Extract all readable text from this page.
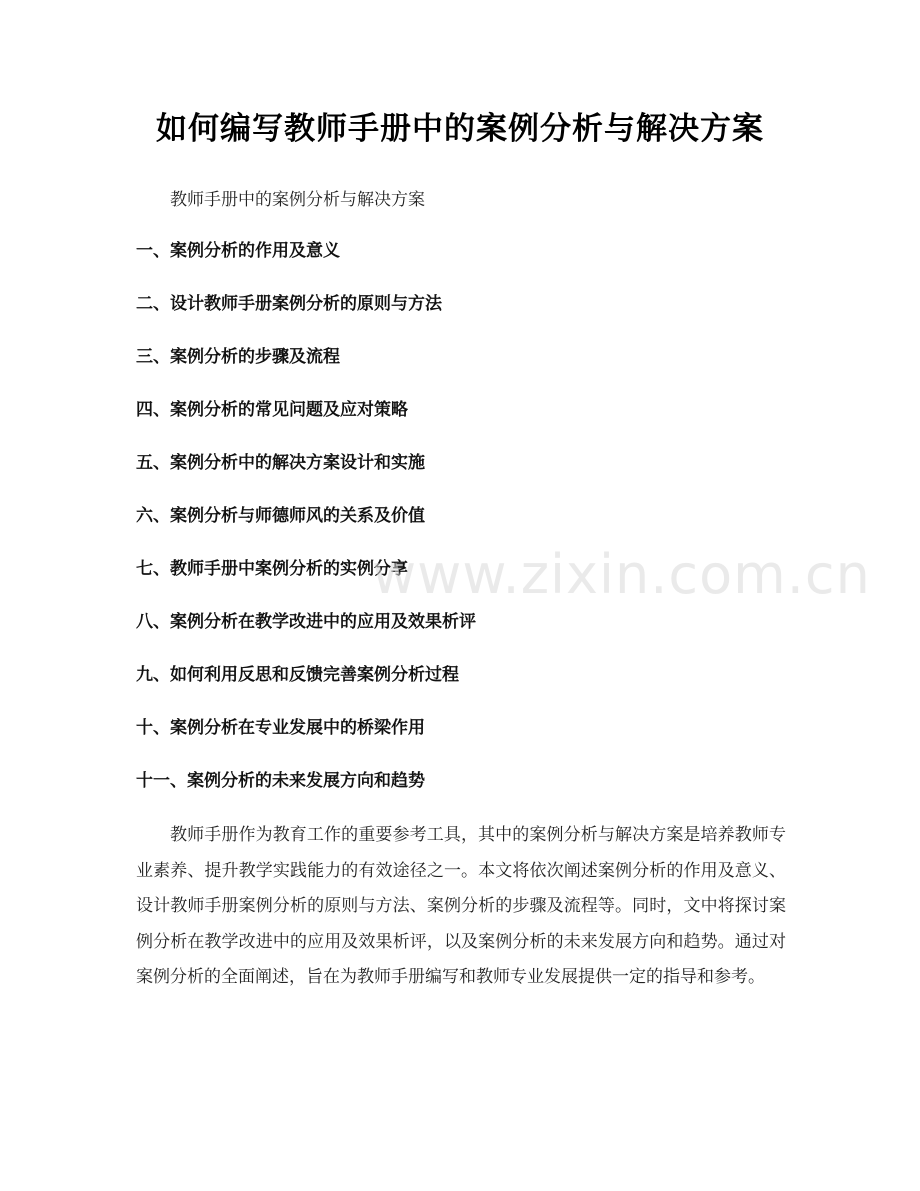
如何编写教师手册中的案例分析与解决方案
教师手册中的案例分析与解决方案
一、案例分析的作用及意义
二、设计教师手册案例分析的原则与方法
三、案例分析的步骤及流程
四、案例分析的常见问题及应对策略
五、案例分析中的解决方案设计和实施
六、案例分析与师德师风的关系及价值
七、教师手册中案例分析的实例分享
八、案例分析在教学改进中的应用及效果析评
九、如何利用反思和反馈完善案例分析过程
十、案例分析在专业发展中的桥梁作用
十一、案例分析的未来发展方向和趋势

教师手册作为教育工作的重要参考工具，其中的案例分析与解决方案是培养教师专业素养、提升教学实践能力的有效途径之一。本文将依次阐述案例分析的作用及意义、设计教师手册案例分析的原则与方法、案例分析的步骤及流程等。同时，文中将探讨案例分析在教学改进中的应用及效果析评，以及案例分析的未来发展方向和趋势。通过对案例分析的全面阐述，旨在为教师手册编写和教师专业发展提供一定的指导和参考。

www.zixin.com.cn
